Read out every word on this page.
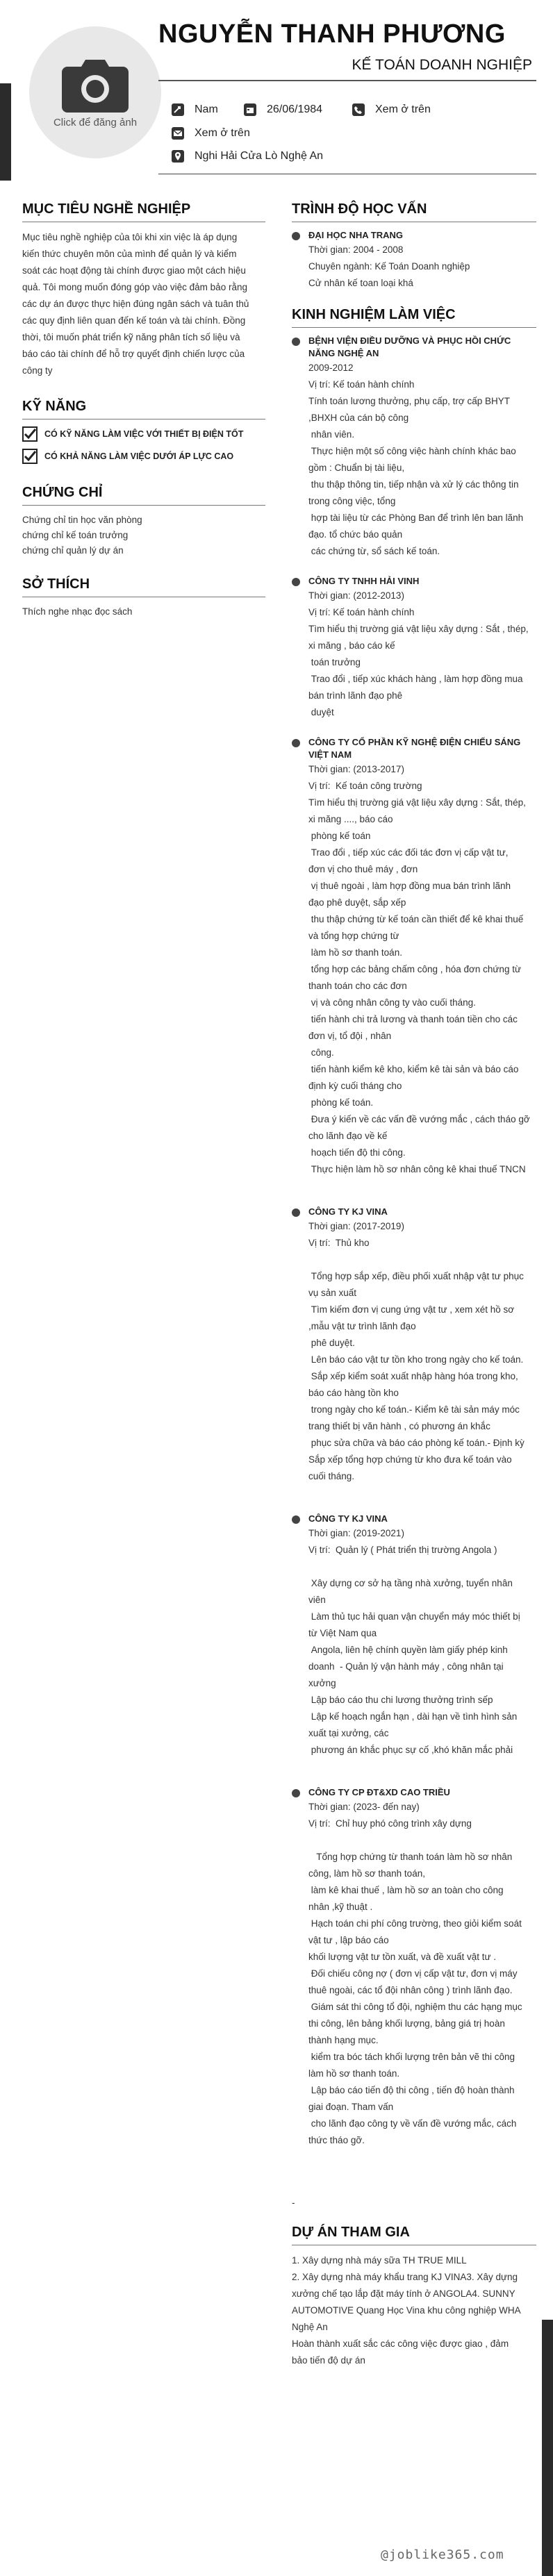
Click để đăng ảnh
NGUYỄN THANH PHƯƠNG
KẾ TOÁN DOANH NGHIỆP
Nam	26/06/1984	Xem ở trên
Xem ở trên
Nghi Hải Cửa Lò Nghệ An
MỤC TIÊU NGHỀ NGHIỆP
Mục tiêu nghề nghiệp của tôi khi xin việc là áp dụng
kiến thức chuyên môn của mình để quản lý và kiểm
soát các hoạt động tài chính được giao một cách hiệu
quả. Tôi mong muốn đóng góp vào việc đảm bảo rằng
các dự án được thực hiện đúng ngân sách và tuân thủ
các quy định liên quan đến kế toán và tài chính. Đồng
thời, tôi muốn phát triển kỹ năng phân tích số liệu và
báo cáo tài chính để hỗ trợ quyết định chiến lược của
công ty
KỸ NĂNG
CÓ KỸ NĂNG LÀM VIỆC VỚI THIẾT BỊ ĐIỆN TỐT
CÓ KHẢ NĂNG LÀM VIỆC DƯỚI ÁP LỰC CAO
CHỨNG CHỈ
Chứng chỉ tin học văn phòng
chứng chỉ kế toán trưởng
chứng chỉ quản lý dự án
SỞ THÍCH
Thích nghe nhạc đọc sách
TRÌNH ĐỘ HỌC VẤN
ĐẠI HỌC NHA TRANG
Thời gian: 2004 - 2008
Chuyên ngành: Kế Toán Doanh nghiệp
Cử nhân kế toan loại khá
KINH NGHIỆM LÀM VIỆC
BỆNH VIỆN ĐIỀU DƯỠNG VÀ PHỤC HỒI CHỨC NĂNG NGHỆ AN
2009-2012
Vị trí: Kế toán hành chính
Tính toán lương thưởng, phụ cấp, trợ cấp BHYT
,BHXH của cán bộ công
nhân viên.
Thực hiện một số công việc hành chính khác bao
gồm : Chuẩn bị tài liệu,
thu thập thông tin, tiếp nhận và xử lý các thông tin
trong công việc, tổng
hợp tài liệu từ các Phòng Ban để trình lên ban lãnh
đạo. tổ chức báo quản
các chứng từ, sổ sách kế toán.
CÔNG TY TNHH HẢI VINH
Thời gian: (2012-2013)
Vị trí: Kế toán hành chính
Tìm hiểu thị trường giá vật liệu xây dựng : Sắt , thép,
xi măng , báo cáo kế
toán trưởng
Trao đổi , tiếp xúc khách hàng , làm hợp đồng mua
bán trình lãnh đạo phê
duyệt
CÔNG TY CỔ PHẦN KỸ NGHỆ ĐIỆN CHIẾU SÁNG VIỆT NAM
Thời gian: (2013-2017)
Vị trí:  Kế toán công trường
Tìm hiểu thị trường giá vật liệu xây dựng : Sắt, thép,
xi măng ...., báo cáo
phòng kế toán
Trao đổi , tiếp xúc các đối tác đơn vị cấp vật tư,
đơn vị cho thuê máy , đơn
vị thuê ngoài , làm hợp đồng mua bán trình lãnh
đạo phê duyệt, sắp xếp
thu thập chứng từ kế toán cần thiết để kê khai thuế
và tổng hợp chứng từ
làm hồ sơ thanh toán.
tổng hợp các bảng chấm công , hóa đơn chứng từ
thanh toán cho các đơn
vị và công nhân công ty vào cuối tháng.
tiến hành chi trả lương và thanh toán tiền cho các
đơn vị, tổ đội , nhân
công.
tiến hành kiểm kê kho, kiểm kê tài sản và báo cáo
định kỳ cuối tháng cho
phòng kế toán.
Đưa ý kiến về các vấn đề vướng mắc , cách tháo gỡ
cho lãnh đạo về kế
hoạch tiến độ thi công.
Thực hiện làm hồ sơ nhân công kê khai thuế TNCN
CÔNG TY KJ VINA
Thời gian: (2017-2019)
Vị trí:  Thủ kho
Tổng hợp sắp xếp, điều phối xuất nhập vật tư phục
vụ sản xuất
Tìm kiếm đơn vị cung ứng vật tư , xem xét hồ sơ
,mẫu vật tư trình lãnh đạo
phê duyệt.
Lên báo cáo vật tư tồn kho trong ngày cho kế toán.
Sắp xếp kiểm soát xuất nhập hàng hóa trong kho,
báo cáo hàng tồn kho
trong ngày cho kế toán.- Kiểm kê tài sản máy móc
trang thiết bị văn hành , có phương án khắc
phục sửa chữa và báo cáo phòng kế toán.- Định kỳ
Sắp xếp tổng hợp chứng từ kho đưa kế toán vào
cuối tháng.
CÔNG TY KJ VINA
Thời gian: (2019-2021)
Vị trí:  Quản lý ( Phát triển thị trường Angola )
Xây dựng cơ sở hạ tầng nhà xưởng, tuyển nhân
viên
Làm thủ tục hải quan vận chuyển máy móc thiết bị
từ Việt Nam qua
Angola, liên hệ chính quyền làm giấy phép kinh
doanh  - Quản lý vận hành máy , công nhân tại
xưởng
Lập báo cáo thu chi lương thưởng trình sếp
Lập kế hoạch ngắn hạn , dài hạn về tình hình sản
xuất tại xưởng, các
phương án khắc phục sự cố ,khó khăn mắc phải
CÔNG TY CP ĐT&XD CAO TRIỀU
Thời gian: (2023- đến nay)
Vị trí:  Chỉ huy phó công trình xây dựng
Tổng hợp chứng từ thanh toán làm hồ sơ nhân
công, làm hồ sơ thanh toán,
làm kê khai thuế , làm hồ sơ an toàn cho công
nhân ,kỹ thuật .
Hạch toán chi phí công trường, theo giỏi kiểm soát
vật tư , lập báo cáo
khối lượng vật tư tồn xuất, và đề xuất vật tư .
Đối chiếu công nợ ( đơn vị cấp vật tư, đơn vị máy
thuê ngoài, các tổ đội nhân công ) trình lãnh đạo.
Giám sát thi công tổ đội, nghiệm thu các hạng mục
thi công, lên bảng khối lượng, bảng giá trị hoàn
thành hạng mục.
kiểm tra bóc tách khối lượng trên bản vẽ thi công
làm hồ sơ thanh toán.
Lập báo cáo tiến độ thi công , tiến độ hoàn thành
giai đoạn. Tham vấn
cho lãnh đạo công ty về vấn đề vướng mắc, cách
thức tháo gỡ.
-
DỰ ÁN THAM GIA
1. Xây dựng nhà máy sữa TH TRUE MILL
2. Xây dựng nhà máy khẩu trang KJ VINA3. Xây dựng
xưởng chế tạo lắp đặt máy tính ở ANGOLA4. SUNNY
AUTOMOTIVE Quang Học Vina khu công nghiệp WHA
Nghệ An
Hoàn thành xuất sắc các công việc được giao , đảm
bảo tiến độ dự án
@joblike365.com
